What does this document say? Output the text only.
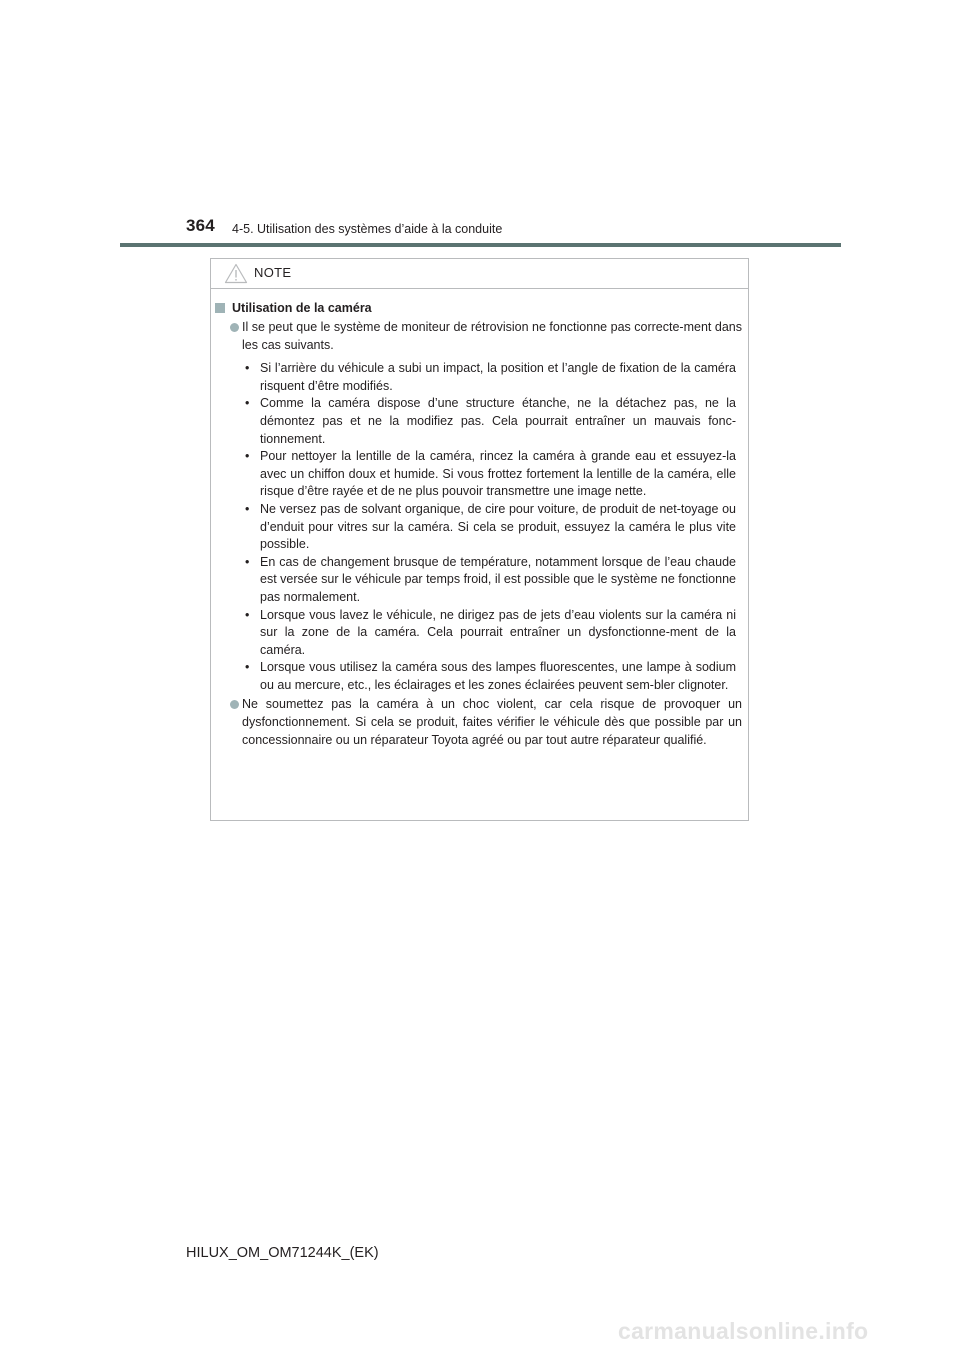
364 4-5. Utilisation des systèmes d’aide à la conduite
NOTE
Utilisation de la caméra
Il se peut que le système de moniteur de rétrovision ne fonctionne pas correcte-ment dans les cas suivants.
• Si l’arrière du véhicule a subi un impact, la position et l’angle de fixation de la caméra risquent d’être modifiés.
• Comme la caméra dispose d’une structure étanche, ne la détachez pas, ne la démontez pas et ne la modifiez pas. Cela pourrait entraîner un mauvais fonc-tionnement.
• Pour nettoyer la lentille de la caméra, rincez la caméra à grande eau et essuyez-la avec un chiffon doux et humide. Si vous frottez fortement la lentille de la caméra, elle risque d’être rayée et de ne plus pouvoir transmettre une image nette.
• Ne versez pas de solvant organique, de cire pour voiture, de produit de net-toyage ou d’enduit pour vitres sur la caméra. Si cela se produit, essuyez la caméra le plus vite possible.
• En cas de changement brusque de température, notamment lorsque de l’eau chaude est versée sur le véhicule par temps froid, il est possible que le système ne fonctionne pas normalement.
• Lorsque vous lavez le véhicule, ne dirigez pas de jets d’eau violents sur la caméra ni sur la zone de la caméra. Cela pourrait entraîner un dysfonctionne-ment de la caméra.
• Lorsque vous utilisez la caméra sous des lampes fluorescentes, une lampe à sodium ou au mercure, etc., les éclairages et les zones éclairées peuvent sem-bler clignoter.
Ne soumettez pas la caméra à un choc violent, car cela risque de provoquer un dysfonctionnement. Si cela se produit, faites vérifier le véhicule dès que possible par un concessionnaire ou un réparateur Toyota agréé ou par tout autre réparateur qualifié.
HILUX_OM_OM71244K_(EK)
carmanualsonline.info
